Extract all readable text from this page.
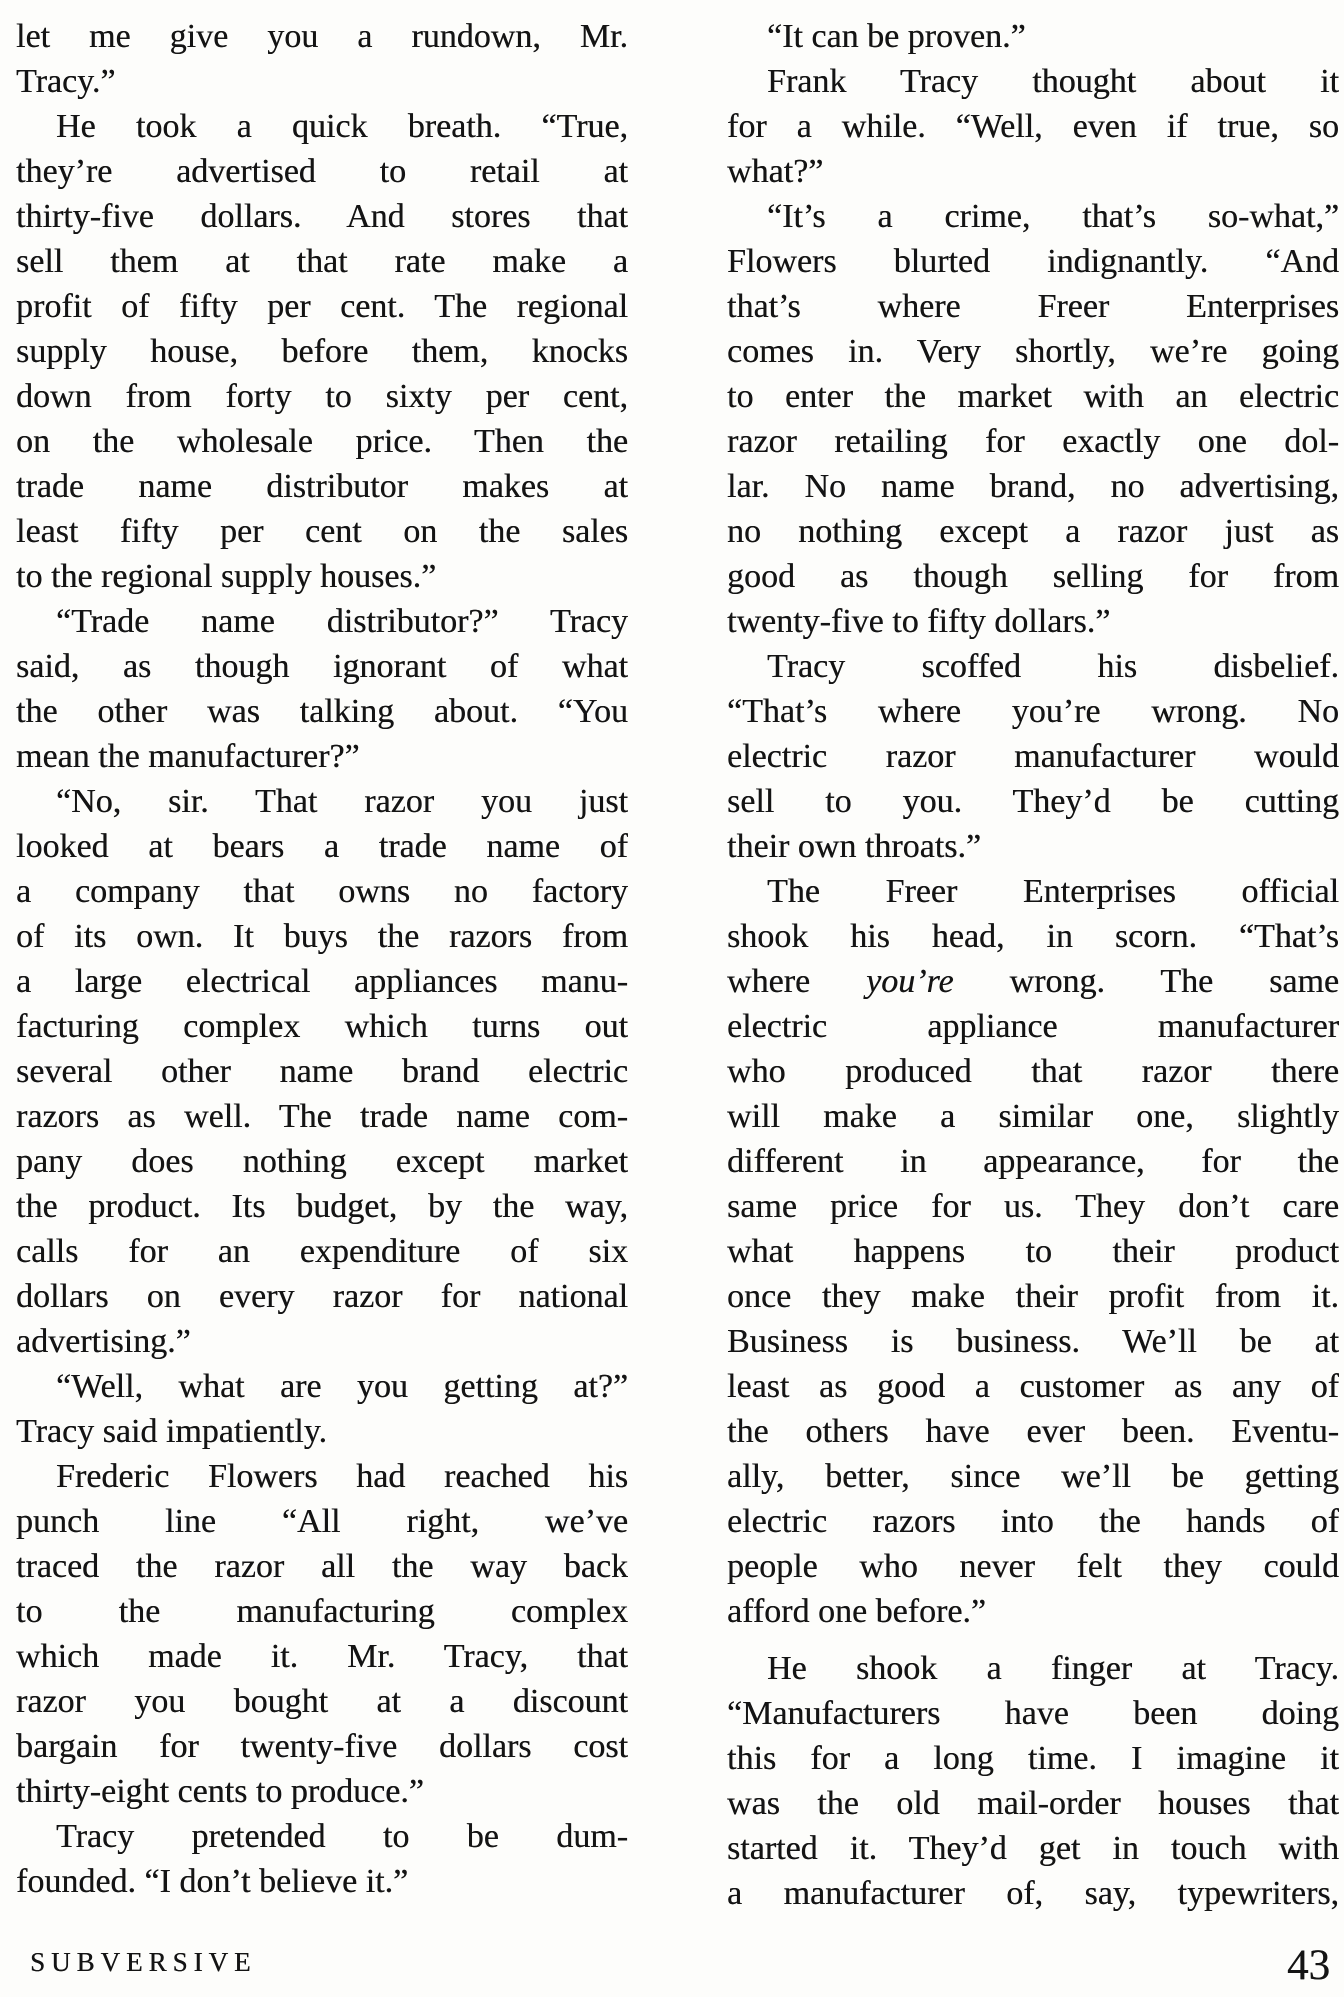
let me give you a rundown, Mr.
Tracy.”
He took a quick breath. “True,
they’re advertised to retail at
thirty-five dollars. And stores that
sell them at that rate make a
profit of fifty per cent. The regional
supply house, before them, knocks
down from forty to sixty per cent,
on the wholesale price. Then the
trade name distributor makes at
least fifty per cent on the sales
to the regional supply houses.”
“Trade name distributor?” Tracy
said, as though ignorant of what
the other was talking about. “You
mean the manufacturer?”
“No, sir. That razor you just
looked at bears a trade name of
a company that owns no factory
of its own. It buys the razors from
a large electrical appliances manu-
facturing complex which turns out
several other name brand electric
razors as well. The trade name com-
pany does nothing except market
the product. Its budget, by the way,
calls for an expenditure of six
dollars on every razor for national
advertising.”
“Well, what are you getting at?”
Tracy said impatiently.
Frederic Flowers had reached his
punch line “All right, we’ve
traced the razor all the way back
to the manufacturing complex
which made it. Mr. Tracy, that
razor you bought at a discount
bargain for twenty-five dollars cost
thirty-eight cents to produce.”
Tracy pretended to be dum-
founded. “I don’t believe it.”
“It can be proven.”
Frank Tracy thought about it
for a while. “Well, even if true, so
what?”
“It’s a crime, that’s so-what,”
Flowers blurted indignantly. “And
that’s where Freer Enterprises
comes in. Very shortly, we’re going
to enter the market with an electric
razor retailing for exactly one dol-
lar. No name brand, no advertising,
no nothing except a razor just as
good as though selling for from
twenty-five to fifty dollars.”
Tracy scoffed his disbelief.
“That’s where you’re wrong. No
electric razor manufacturer would
sell to you. They’d be cutting
their own throats.”
The Freer Enterprises official
shook his head, in scorn. “That’s
where you’re wrong. The same
electric appliance manufacturer
who produced that razor there
will make a similar one, slightly
different in appearance, for the
same price for us. They don’t care
what happens to their product
once they make their profit from it.
Business is business. We’ll be at
least as good a customer as any of
the others have ever been. Eventu-
ally, better, since we’ll be getting
electric razors into the hands of
people who never felt they could
afford one before.”
He shook a finger at Tracy.
“Manufacturers have been doing
this for a long time. I imagine it
was the old mail-order houses that
started it. They’d get in touch with
a manufacturer of, say, typewriters,
SUBVERSIVE	43
